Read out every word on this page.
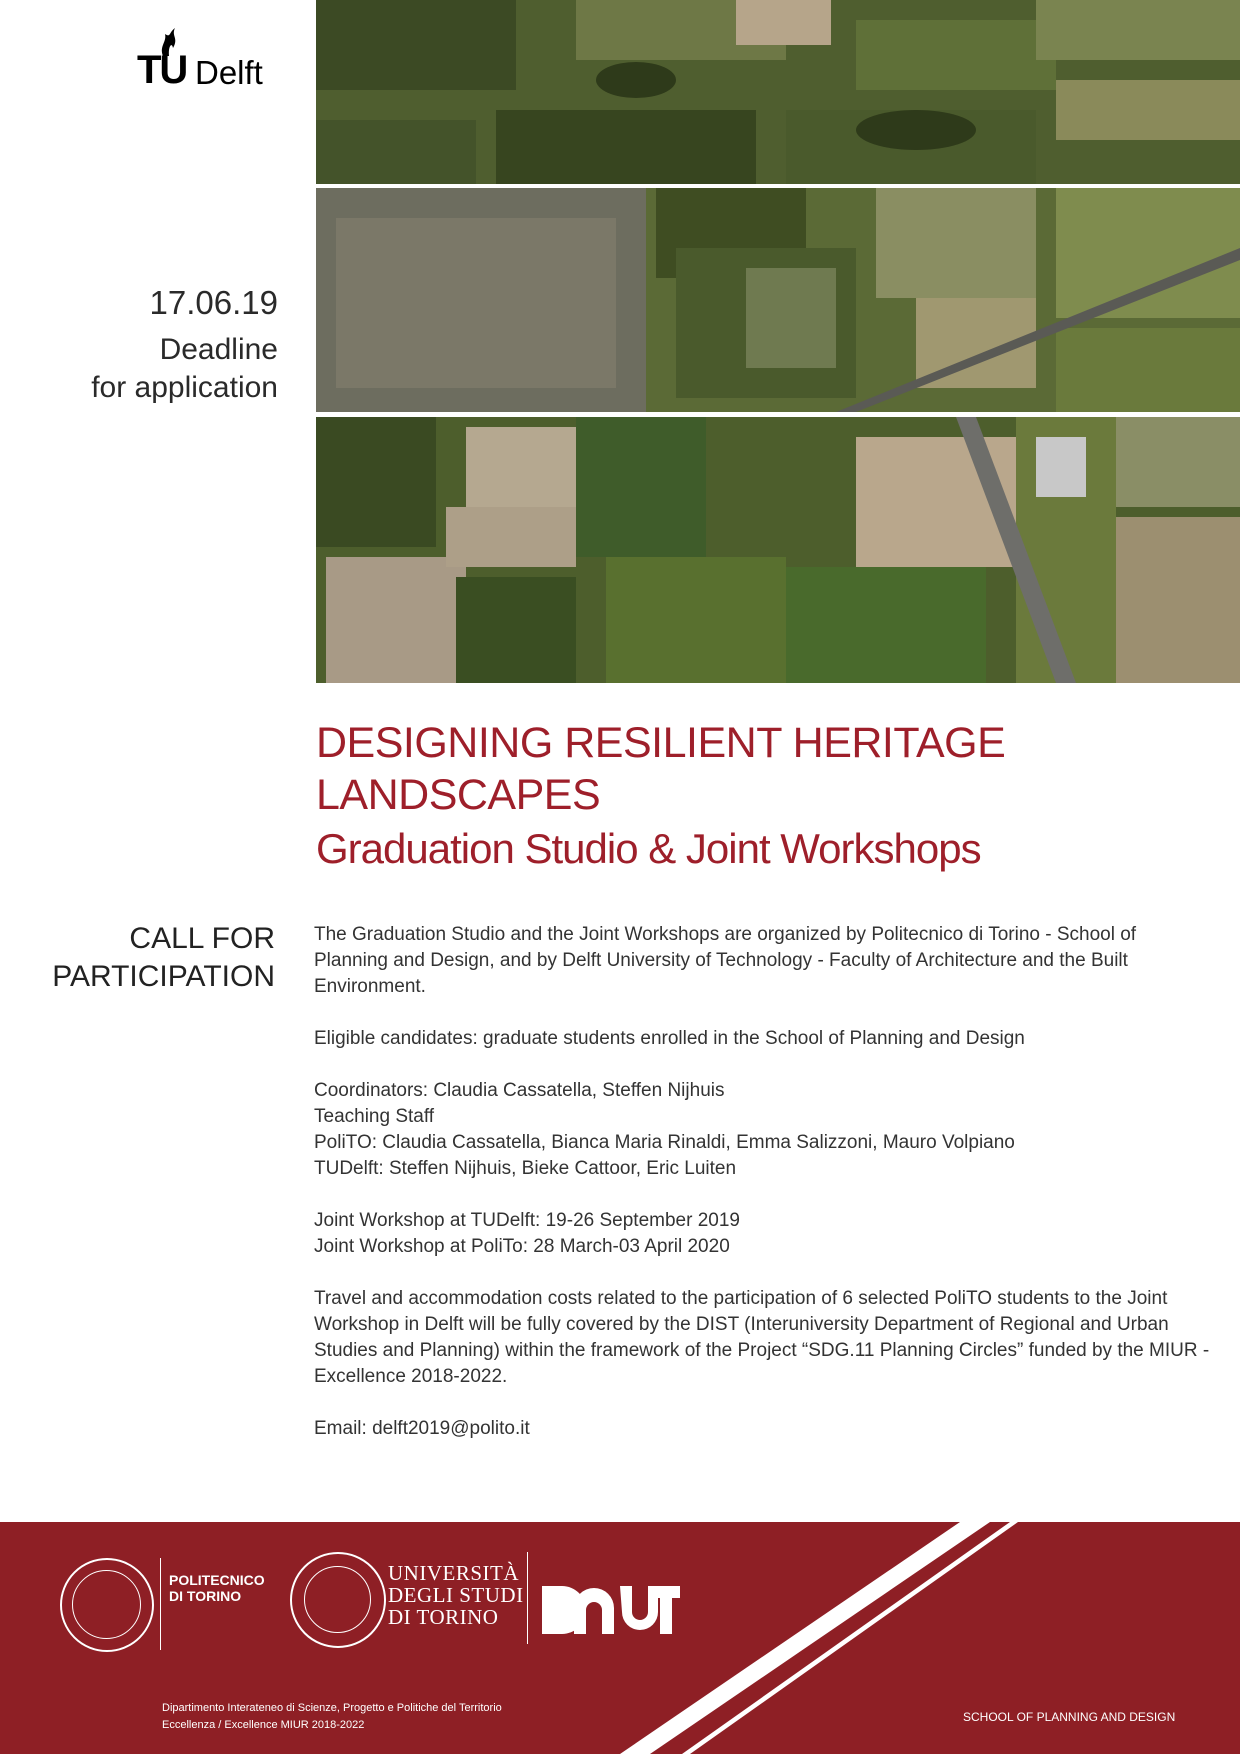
TU Delft
17.06.19
Deadline
for application
DESIGNING RESILIENT HERITAGE
LANDSCAPES
Graduation Studio & Joint Workshops
CALL FOR
PARTICIPATION

The Graduation Studio and the Joint Workshops are organized by Politecnico di Torino - School of Planning and Design, and by Delft University of Technology - Faculty of Architecture and the Built Environment.

Eligible candidates: graduate students enrolled in the School of Planning and Design

Coordinators: Claudia Cassatella, Steffen Nijhuis

Teaching Staff

PoliTO: Claudia Cassatella, Bianca Maria Rinaldi, Emma Salizzoni, Mauro Volpiano

TUDelft: Steffen Nijhuis, Bieke Cattoor, Eric Luiten

Joint Workshop at TUDelft: 19-26 September 2019

Joint Workshop at PoliTo: 28 March-03 April 2020

Travel and accommodation costs related to the participation of 6 selected PoliTO students to the Joint Workshop in Delft will be fully covered by the DIST (Interuniversity Department of Regional and Urban Studies and Planning) within the framework of the Project “SDG.11 Planning Circles” funded by the MIUR - Excellence 2018-2022.

Email: delft2019@polito.it

POLITECNICO
DI TORINO
UNIVERSITÀ
DEGLI STUDI
DI TORINO
Dipartimento Interateneo di Scienze, Progetto e Politiche del Territorio
Eccellenza / Excellence MIUR 2018-2022
SCHOOL OF PLANNING AND DESIGN
